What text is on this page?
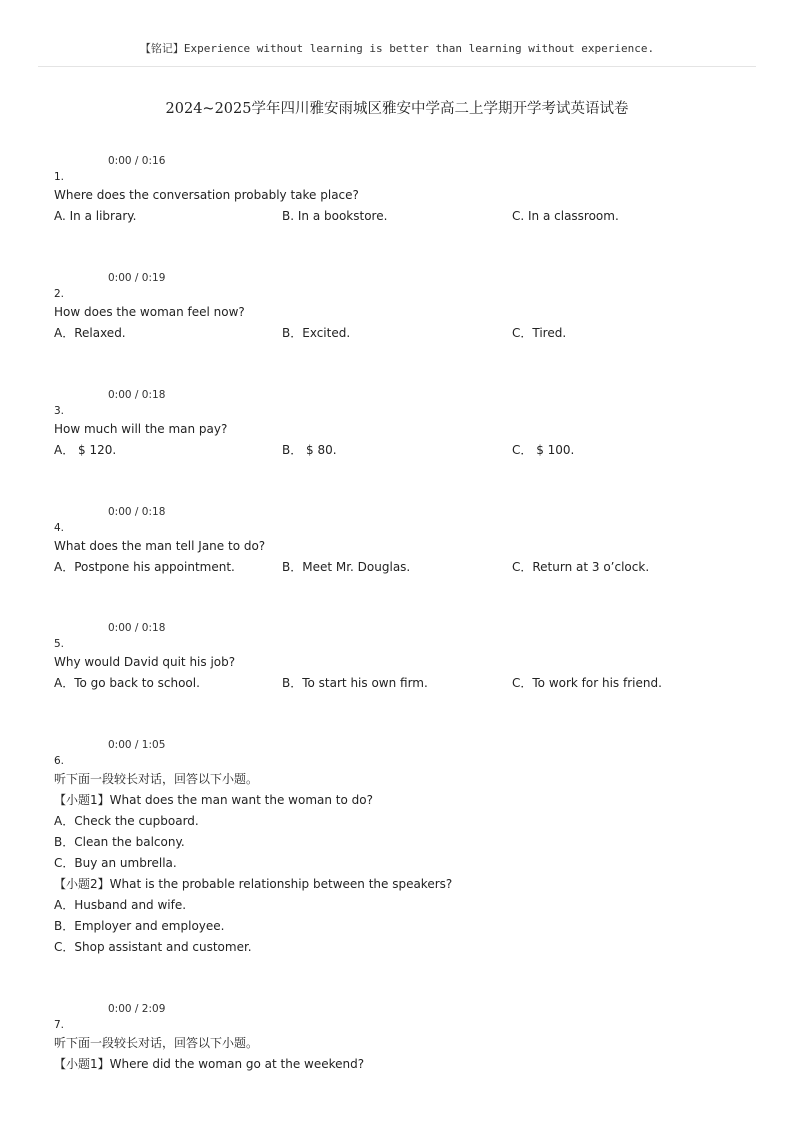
【铭记】Experience without learning is better than learning without experience.
2024~2025学年四川雅安雨城区雅安中学高二上学期开学考试英语试卷
0:00 / 0:16
1.
Where does the conversation probably take place?
A. In a library.	B. In a bookstore.	C. In a classroom.
0:00 / 0:19
2.
How does the woman feel now?
A．Relaxed.	B．Excited.	C．Tired.
0:00 / 0:18
3.
How much will the man pay?
A． $ 120.	B． $ 80.	C． $ 100.
0:00 / 0:18
4.
What does the man tell Jane to do?
A．Postpone his appointment.	B．Meet Mr. Douglas.	C．Return at 3 o’clock.
0:00 / 0:18
5.
Why would David quit his job?
A．To go back to school.	B．To start his own firm.	C．To work for his friend.
0:00 / 1:05
6.
听下面一段较长对话，回答以下小题。
【小题1】What does the man want the woman to do?
A．Check the cupboard.
B．Clean the balcony.
C．Buy an umbrella.
【小题2】What is the probable relationship between the speakers?
A．Husband and wife.
B．Employer and employee.
C．Shop assistant and customer.
0:00 / 2:09
7.
听下面一段较长对话，回答以下小题。
【小题1】Where did the woman go at the weekend?
